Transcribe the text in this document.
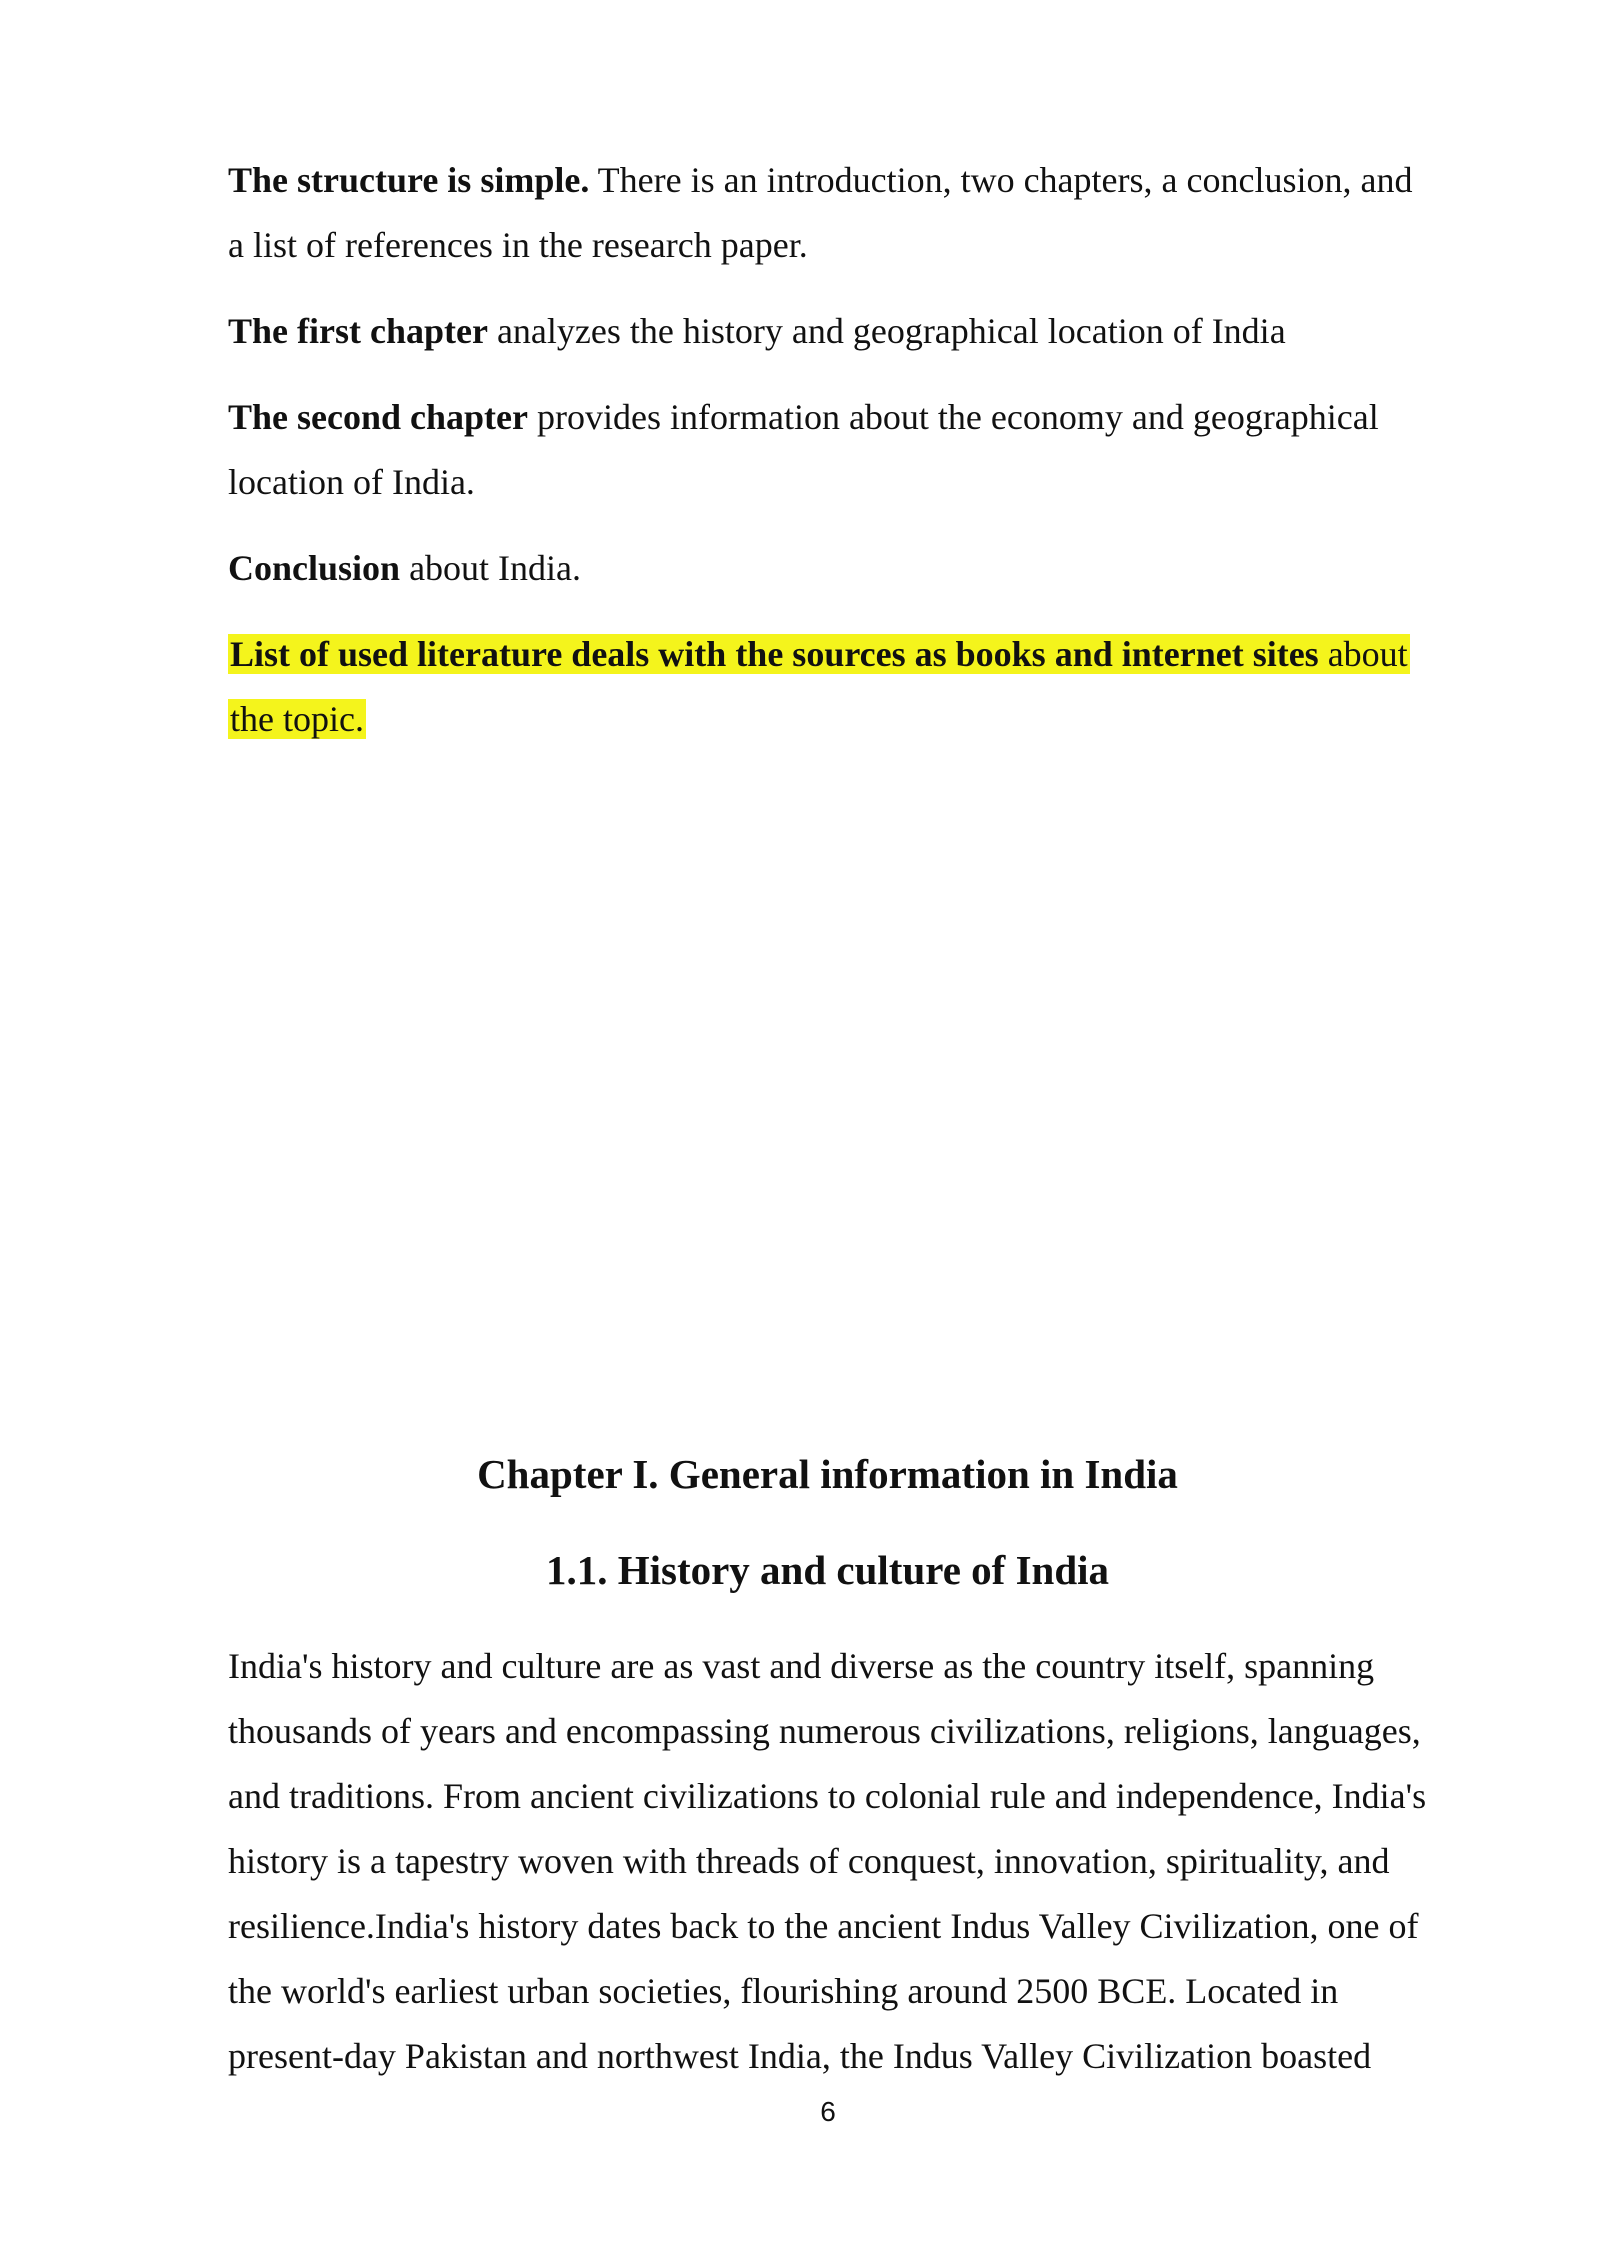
The structure is simple. There is an introduction, two chapters, a conclusion, and
a list of references in the research paper.

The first chapter analyzes the history and geographical location of India

The second chapter provides information about the economy and geographical
location of India.

Conclusion about India.

List of used literature deals with the sources as books and internet sites about
the topic.

Chapter I. General information in India
1.1. History and culture of India
India's history and culture are as vast and diverse as the country itself, spanning
thousands of years and encompassing numerous civilizations, religions, languages,
and traditions. From ancient civilizations to colonial rule and independence, India's
history is a tapestry woven with threads of conquest, innovation, spirituality, and
resilience.India's history dates back to the ancient Indus Valley Civilization, one of
the world's earliest urban societies, flourishing around 2500 BCE. Located in
present-day Pakistan and northwest India, the Indus Valley Civilization boasted
6
